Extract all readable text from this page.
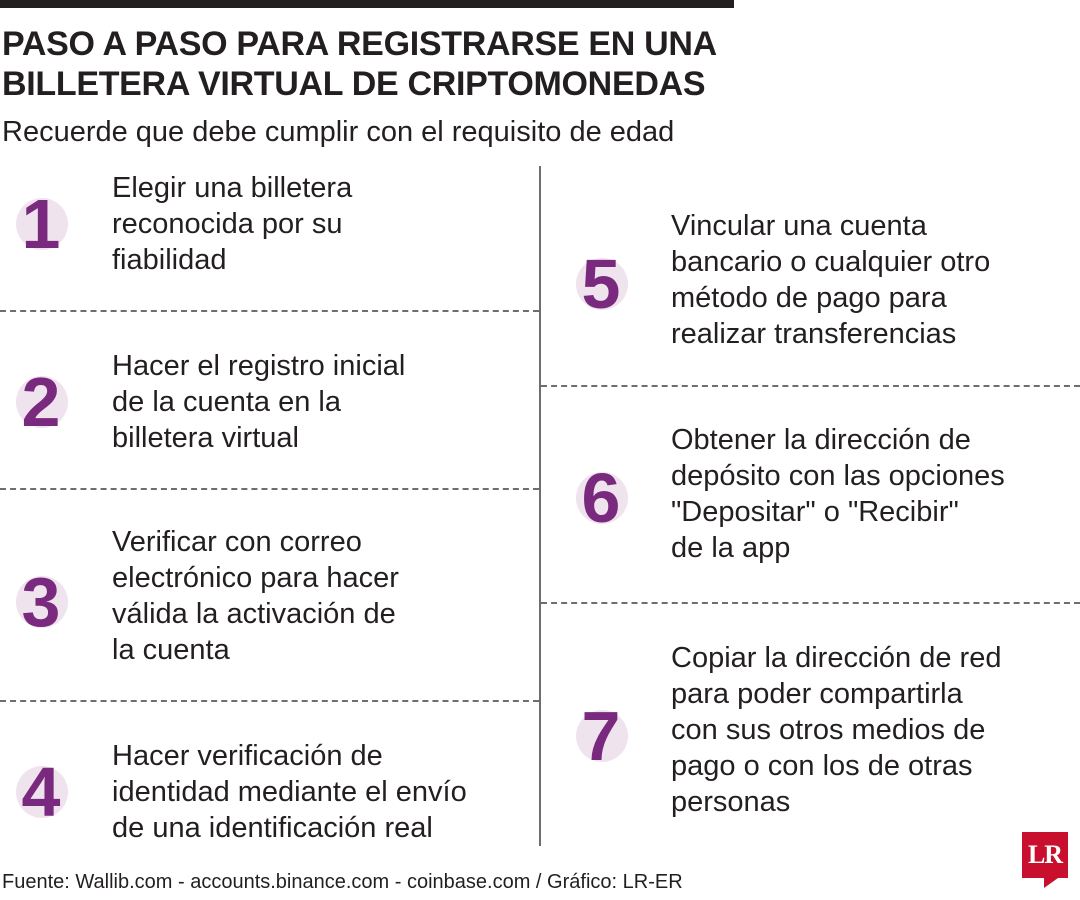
PASO A PASO PARA REGISTRARSE EN UNA
BILLETERA VIRTUAL DE CRIPTOMONEDAS

Recuerde que debe cumplir con el requisito de edad

1	Elegir una billetera
reconocida por su
fiabilidad
2	Hacer el registro inicial
de la cuenta en la
billetera virtual
3
Verificar con correo
electrónico para hacer
válida la activación de
la cuenta
4	Hacer verificación de
identidad mediante el envío
de una identificación real
5
Vincular una cuenta
bancario o cualquier otro
método de pago para
realizar transferencias
6
Obtener la dirección de
depósito con las opciones
"Depositar" o "Recibir"
de la app
7
Copiar la dirección de red
para poder compartirla
con sus otros medios de
pago o con los de otras
personas
Fuente: Wallib.com - accounts.binance.com - coinbase.com / Gráfico: LR-ER
LR
